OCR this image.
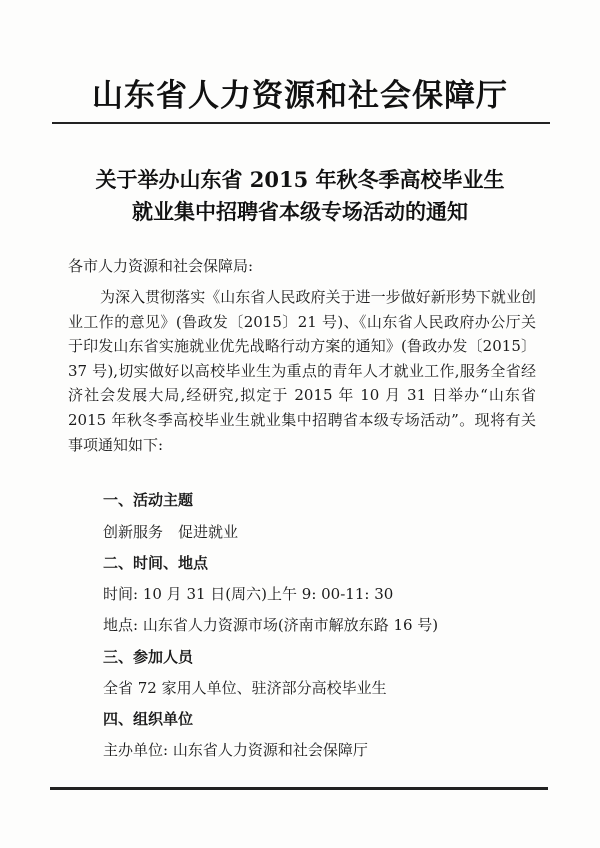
山东省人力资源和社会保障厅
关于举办山东省 2015 年秋冬季高校毕业生
就业集中招聘省本级专场活动的通知
各市人力资源和社会保障局:
为深入贯彻落实《山东省人民政府关于进一步做好新形势下就业创业工作的意见》(鲁政发〔2015〕21 号)、《山东省人民政府办公厅关于印发山东省实施就业优先战略行动方案的通知》(鲁政办发〔2015〕37 号),切实做好以高校毕业生为重点的青年人才就业工作,服务全省经济社会发展大局,经研究,拟定于 2015 年 10 月 31 日举办“山东省 2015 年秋冬季高校毕业生就业集中招聘省本级专场活动”。现将有关事项通知如下:
一、活动主题
创新服务　促进就业
二、时间、地点
时间: 10 月 31 日(周六)上午 9: 00-11: 30
地点: 山东省人力资源市场(济南市解放东路 16 号)
三、参加人员
全省 72 家用人单位、驻济部分高校毕业生
四、组织单位
主办单位: 山东省人力资源和社会保障厅
